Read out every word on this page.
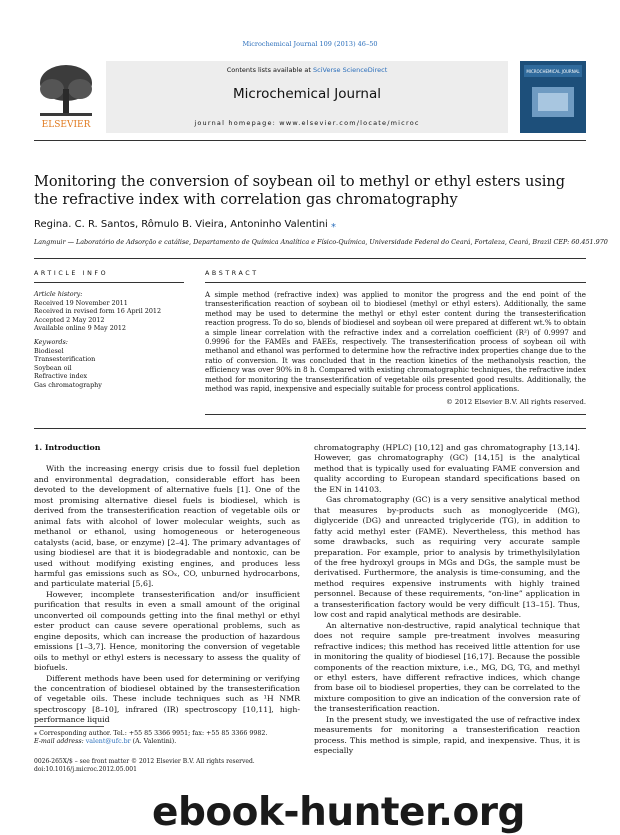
Microchemical Journal 109 (2013) 46–50
ELSEVIER
Contents lists available at SciVerse ScienceDirect
Microchemical Journal
journal homepage: www.elsevier.com/locate/microc
MICROCHEMICAL JOURNAL
Monitoring the conversion of soybean oil to methyl or ethyl esters using the refractive index with correlation gas chromatography
Regina. C. R. Santos, Rômulo B. Vieira, Antoninho Valentini ⁎
Langmuir — Laboratório de Adsorção e catálise, Departamento de Química Analítica e Físico-Química, Universidade Federal do Ceará, Fortaleza, Ceará, Brazil CEP: 60.451.970
ARTICLE INFO	ABSTRACT
Article history:
Received 19 November 2011
Received in revised form 16 April 2012
Accepted 2 May 2012
Available online 9 May 2012
Keywords:
Biodiesel
Transesterification
Soybean oil
Refractive index
Gas chromatography
A simple method (refractive index) was applied to monitor the progress and the end point of the transesterification reaction of soybean oil to biodiesel (methyl or ethyl esters). Additionally, the same method may be used to determine the methyl or ethyl ester content during the transesterification reaction progress. To do so, blends of biodiesel and soybean oil were prepared at different wt.% to obtain a simple linear correlation with the refractive index and a correlation coefficient (R²) of 0.9997 and 0.9996 for the FAMEs and FAEEs, respectively. The transesterification process of soybean oil with methanol and ethanol was performed to determine how the refractive index properties change due to the ratio of conversion. It was concluded that in the reaction kinetics of the methanolysis reaction, the efficiency was over 90% in 8 h. Compared with existing chromatographic techniques, the refractive index method for monitoring the transesterification of vegetable oils presented good results. Additionally, the method was rapid, inexpensive and especially suitable for process control applications.
© 2012 Elsevier B.V. All rights reserved.
1. Introduction

With the increasing energy crisis due to fossil fuel depletion and environmental degradation, considerable effort has been devoted to the development of alternative fuels [1]. One of the most promising alternative diesel fuels is biodiesel, which is derived from the transesterification reaction of vegetable oils or animal fats with alcohol of lower molecular weights, such as methanol or ethanol, using homogeneous or heterogeneous catalysts (acid, base, or enzyme) [2–4]. The primary advantages of using biodiesel are that it is biodegradable and nontoxic, can be used without modifying existing engines, and produces less harmful gas emissions such as SOₓ, CO, unburned hydrocarbons, and particulate material [5,6].

However, incomplete transesterification and/or insufficient purification that results in even a small amount of the original unconverted oil compounds getting into the final methyl or ethyl ester product can cause severe operational problems, such as engine deposits, which can increase the production of hazardous emissions [1–3,7]. Hence, monitoring the conversion of vegetable oils to methyl or ethyl esters is necessary to assess the quality of biofuels.

Different methods have been used for determining or verifying the concentration of biodiesel obtained by the transesterification of vegetable oils. These include techniques such as ¹H NMR spectroscopy [8–10], infrared (IR) spectroscopy [10,11], high-performance liquid

chromatography (HPLC) [10,12] and gas chromatography [13,14]. However, gas chromatography (GC) [14,15] is the analytical method that is typically used for evaluating FAME conversion and quality according to European standard specifications based on the EN in 14103.

Gas chromatography (GC) is a very sensitive analytical method that measures by-products such as monoglyceride (MG), diglyceride (DG) and unreacted triglyceride (TG), in addition to fatty acid methyl ester (FAME). Nevertheless, this method has some drawbacks, such as requiring very accurate sample preparation. For example, prior to analysis by trimethylsilylation of the free hydroxyl groups in MGs and DGs, the sample must be derivatised. Furthermore, the analysis is time-consuming, and the method requires expensive instruments with highly trained personnel. Because of these requirements, “on-line” application in a transesterification factory would be very difficult [13–15]. Thus, low cost and rapid analytical methods are desirable.

An alternative non-destructive, rapid analytical technique that does not require sample pre-treatment involves measuring refractive indices; this method has received little attention for use in monitoring the quality of biodiesel [16,17]. Because the possible components of the reaction mixture, i.e., MG, DG, TG, and methyl or ethyl esters, have different refractive indices, which change from base oil to biodiesel properties, they can be correlated to the mixture composition to give an indication of the conversion rate of the transesterification reaction.

In the present study, we investigated the use of refractive index measurements for monitoring a transesterification reaction process. This method is simple, rapid, and inexpensive. Thus, it is especially

⁎ Corresponding author. Tel.: +55 85 3366 9951; fax: +55 85 3366 9982.
E-mail address: valent@ufc.br (A. Valentini).
0026-265X/$ – see front matter © 2012 Elsevier B.V. All rights reserved.
doi:10.1016/j.microc.2012.05.001
ebook-hunter.org
